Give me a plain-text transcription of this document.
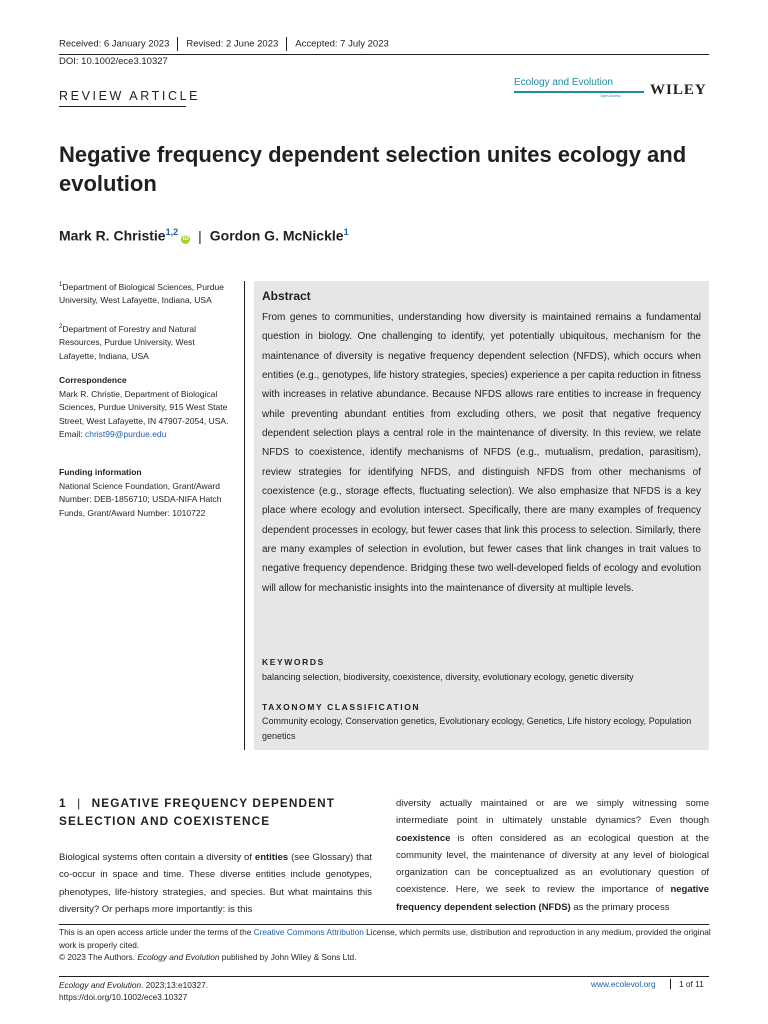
Received: 6 January 2023 Revised: 2 June 2023 Accepted: 7 July 2023
DOI: 10.1002/ece3.10327
REVIEW ARTICLE
Ecology and Evolution
Open Access WILEY
Negative frequency dependent selection unites ecology and evolution
Mark R. Christie$^{1,2}$iD | Gordon G. McNickle$^1$
$^1$Department of Biological Sciences, Purdue University, West Lafayette, Indiana, USA
$^2$Department of Forestry and Natural Resources, Purdue University, West Lafayette, Indiana, USA
Correspondence
Mark R. Christie, Department of Biological Sciences, Purdue University, 915 West State Street, West Lafayette, IN 47907-2054, USA.
Email: christ99@purdue.edu
Funding information
National Science Foundation, Grant/Award Number: DEB-1856710; USDA-NIFA Hatch Funds, Grant/Award Number: 1010722
Abstract
From genes to communities, understanding how diversity is maintained remains a fundamental question in biology. One challenging to identify, yet potentially ubiquitous, mechanism for the maintenance of diversity is negative frequency dependent selection (NFDS), which occurs when entities (e.g., genotypes, life history strategies, species) experience a per capita reduction in fitness with increases in relative abundance. Because NFDS allows rare entities to increase in frequency while preventing abundant entities from excluding others, we posit that negative frequency dependent selection plays a central role in the maintenance of diversity. In this review, we relate NFDS to coexistence, identify mechanisms of NFDS (e.g., mutualism, predation, parasitism), review strategies for identifying NFDS, and distinguish NFDS from other mechanisms of coexistence (e.g., storage effects, fluctuating selection). We also emphasize that NFDS is a key place where ecology and evolution intersect. Specifically, there are many examples of frequency dependent processes in ecology, but fewer cases that link this process to selection. Similarly, there are many examples of selection in evolution, but fewer cases that link changes in trait values to negative frequency dependence. Bridging these two well-developed fields of ecology and evolution will allow for mechanistic insights into the maintenance of diversity at multiple levels.
KEYWORDS
balancing selection, biodiversity, coexistence, diversity, evolutionary ecology, genetic diversity
TAXONOMY CLASSIFICATION
Community ecology, Conservation genetics, Evolutionary ecology, Genetics, Life history ecology, Population genetics
1 | NEGATIVE FREQUENCY DEPENDENT SELECTION AND COEXISTENCE
Biological systems often contain a diversity of entities (see Glossary) that co-occur in space and time. These diverse entities include genotypes, phenotypes, life-history strategies, and species. But what maintains this diversity? Or perhaps more importantly: is this
diversity actually maintained or are we simply witnessing some intermediate point in ultimately unstable dynamics? Even though coexistence is often considered as an ecological question at the community level, the maintenance of diversity at any level of biological organization can be conceptualized as an evolutionary question of coexistence. Here, we seek to review the importance of negative frequency dependent selection (NFDS) as the primary process
This is an open access article under the terms of the Creative Commons Attribution License, which permits use, distribution and reproduction in any medium, provided the original work is properly cited.
© 2023 The Authors. Ecology and Evolution published by John Wiley & Sons Ltd.
Ecology and Evolution. 2023;13:e10327.
https://doi.org/10.1002/ece3.10327
www.ecolevol.org	1 of 11
